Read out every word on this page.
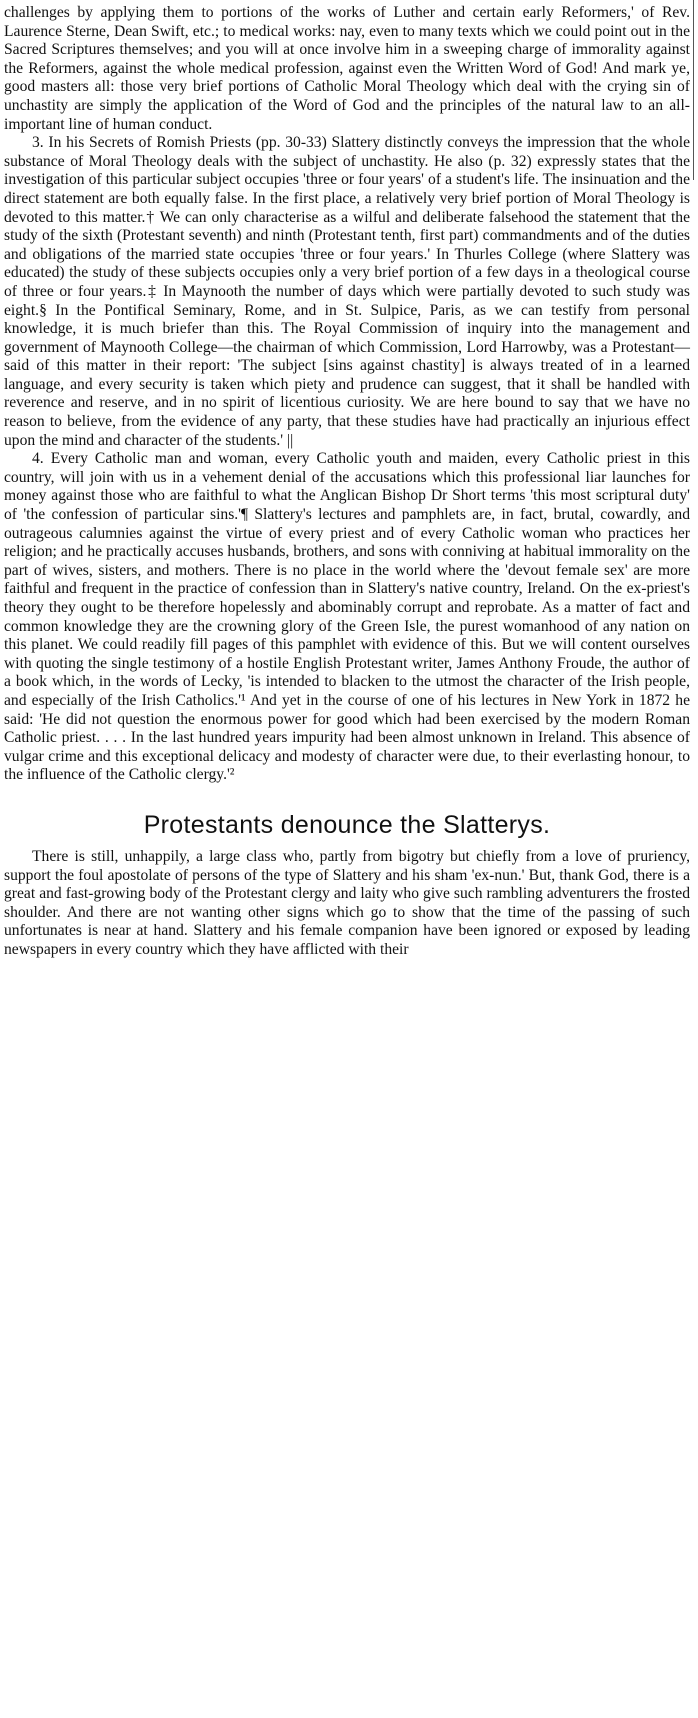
challenges by applying them to portions of the works of Luther and certain early Reformers,' of Rev. Laurence Sterne, Dean Swift, etc.; to medical works: nay, even to many texts which we could point out in the Sacred Scriptures themselves; and you will at once involve him in a sweeping charge of immorality against the Reformers, against the whole medical profession, against even the Written Word of God! And mark ye, good masters all: those very brief portions of Catholic Moral Theology which deal with the crying sin of unchastity are simply the application of the Word of God and the principles of the natural law to an all-important line of human conduct.

3. In his Secrets of Romish Priests (pp. 30-33) Slattery distinctly conveys the impression that the whole substance of Moral Theology deals with the subject of unchastity. He also (p. 32) expressly states that the investigation of this particular subject occupies 'three or four years' of a student's life. The insinuation and the direct statement are both equally false. In the first place, a relatively very brief portion of Moral Theology is devoted to this matter.† We can only characterise as a wilful and deliberate falsehood the statement that the study of the sixth (Protestant seventh) and ninth (Protestant tenth, first part) commandments and of the duties and obligations of the married state occupies 'three or four years.' In Thurles College (where Slattery was educated) the study of these subjects occupies only a very brief portion of a few days in a theological course of three or four years.‡ In Maynooth the number of days which were partially devoted to such study was eight.§ In the Pontifical Seminary, Rome, and in St. Sulpice, Paris, as we can testify from personal knowledge, it is much briefer than this. The Royal Commission of inquiry into the management and government of Maynooth College—the chairman of which Commission, Lord Harrowby, was a Protestant—said of this matter in their report: 'The subject [sins against chastity] is always treated of in a learned language, and every security is taken which piety and prudence can suggest, that it shall be handled with reverence and reserve, and in no spirit of licentious curiosity. We are here bound to say that we have no reason to believe, from the evidence of any party, that these studies have had practically an injurious effect upon the mind and character of the students.' ||

4. Every Catholic man and woman, every Catholic youth and maiden, every Catholic priest in this country, will join with us in a vehement denial of the accusations which this professional liar launches for money against those who are faithful to what the Anglican Bishop Dr Short terms 'this most scriptural duty' of 'the confession of particular sins.'¶ Slattery's lectures and pamphlets are, in fact, brutal, cowardly, and outrageous calumnies against the virtue of every priest and of every Catholic woman who practices her religion; and he practically accuses husbands, brothers, and sons with conniving at habitual immorality on the part of wives, sisters, and mothers. There is no place in the world where the 'devout female sex' are more faithful and frequent in the practice of confession than in Slattery's native country, Ireland. On the ex-priest's theory they ought to be therefore hopelessly and abominably corrupt and reprobate. As a matter of fact and common knowledge they are the crowning glory of the Green Isle, the purest womanhood of any nation on this planet. We could readily fill pages of this pamphlet with evidence of this. But we will content ourselves with quoting the single testimony of a hostile English Protestant writer, James Anthony Froude, the author of a book which, in the words of Lecky, 'is intended to blacken to the utmost the character of the Irish people, and especially of the Irish Catholics.'¹ And yet in the course of one of his lectures in New York in 1872 he said: 'He did not question the enormous power for good which had been exercised by the modern Roman Catholic priest. . . . In the last hundred years impurity had been almost unknown in Ireland. This absence of vulgar crime and this exceptional delicacy and modesty of character were due, to their everlasting honour, to the influence of the Catholic clergy.'²

Protestants denounce the Slatterys.

There is still, unhappily, a large class who, partly from bigotry but chiefly from a love of pruriency, support the foul apostolate of persons of the type of Slattery and his sham 'ex-nun.' But, thank God, there is a great and fast-growing body of the Protestant clergy and laity who give such rambling adventurers the frosted shoulder. And there are not wanting other signs which go to show that the time of the passing of such unfortunates is near at hand. Slattery and his female companion have been ignored or exposed by leading newspapers in every country which they have afflicted with their
